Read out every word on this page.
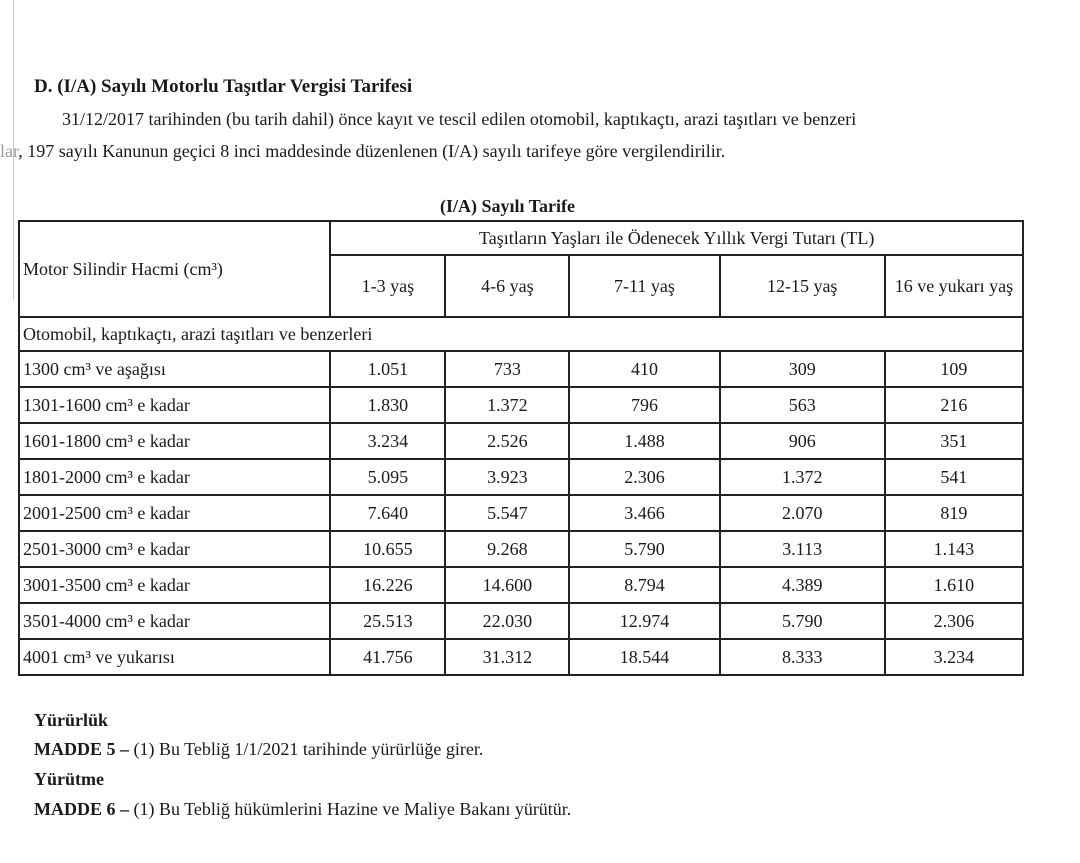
D. (I/A) Sayılı Motorlu Taşıtlar Vergisi Tarifesi
31/12/2017 tarihinden (bu tarih dahil) önce kayıt ve tescil edilen otomobil, kaptıkaçtı, arazi taşıtları ve benzeri
lar, 197 sayılı Kanunun geçici 8 inci maddesinde düzenlenen (I/A) sayılı tarifeye göre vergilendirilir.
(I/A) Sayılı Tarife
Motor Silindir Hacmi (cm³)	Taşıtların Yaşları ile Ödenecek Yıllık Vergi Tutarı (TL)				
	1-3 yaş	4-6 yaş	7-11 yaş	12-15 yaş	16 ve yukarı yaş
Otomobil, kaptıkaçtı, arazi taşıtları ve benzerleri					
1300 cm³ ve aşağısı	1.051	733	410	309	109
1301-1600 cm³ e kadar	1.830	1.372	796	563	216
1601-1800 cm³ e kadar	3.234	2.526	1.488	906	351
1801-2000 cm³ e kadar	5.095	3.923	2.306	1.372	541
2001-2500 cm³ e kadar	7.640	5.547	3.466	2.070	819
2501-3000 cm³ e kadar	10.655	9.268	5.790	3.113	1.143
3001-3500 cm³ e kadar	16.226	14.600	8.794	4.389	1.610
3501-4000 cm³ e kadar	25.513	22.030	12.974	5.790	2.306
4001 cm³ ve yukarısı	41.756	31.312	18.544	8.333	3.234
Yürürlük
MADDE 5 – (1) Bu Tebliğ 1/1/2021 tarihinde yürürlüğe girer.
Yürütme
MADDE 6 – (1) Bu Tebliğ hükümlerini Hazine ve Maliye Bakanı yürütür.
